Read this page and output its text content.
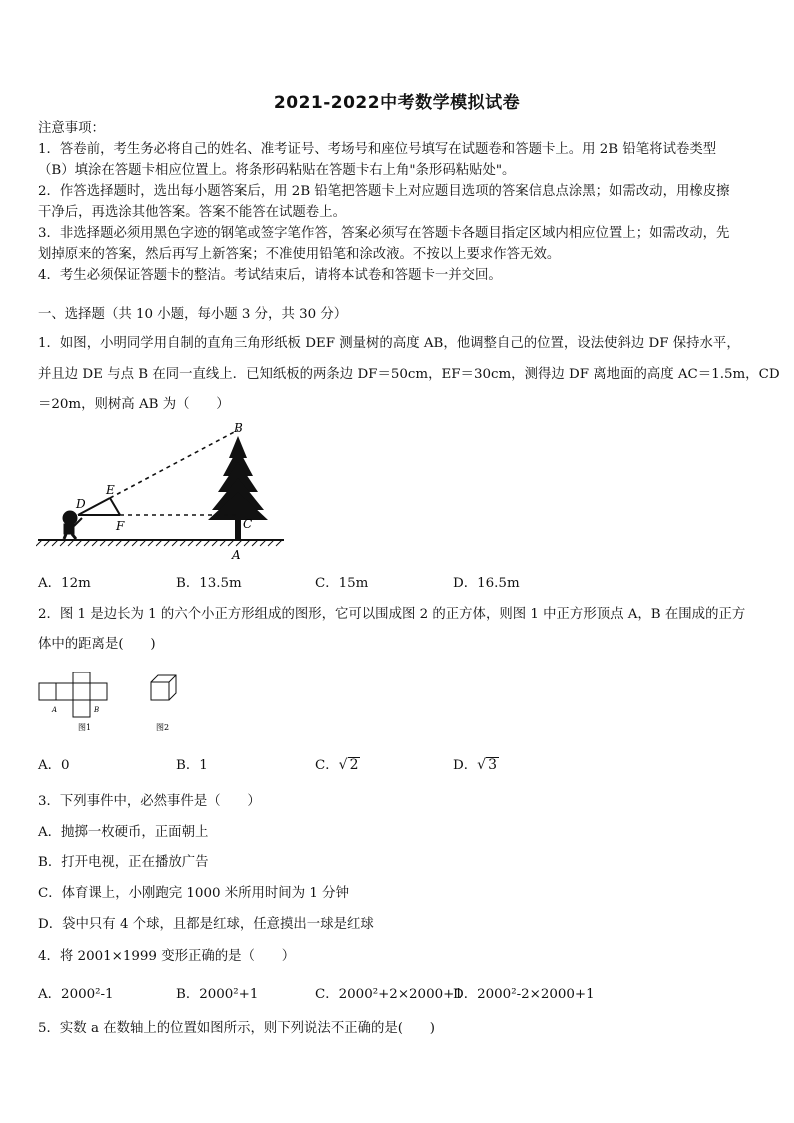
2021-2022中考数学模拟试卷
注意事项：
1．答卷前，考生务必将自己的姓名、准考证号、考场号和座位号填写在试题卷和答题卡上。用 2B 铅笔将试卷类型
（B）填涂在答题卡相应位置上。将条形码粘贴在答题卡右上角"条形码粘贴处"。
2．作答选择题时，选出每小题答案后，用 2B 铅笔把答题卡上对应题目选项的答案信息点涂黑；如需改动，用橡皮擦
干净后，再选涂其他答案。答案不能答在试题卷上。
3．非选择题必须用黑色字迹的钢笔或签字笔作答，答案必须写在答题卡各题目指定区域内相应位置上；如需改动，先
划掉原来的答案，然后再写上新答案；不准使用铅笔和涂改液。不按以上要求作答无效。
4．考生必须保证答题卡的整洁。考试结束后，请将本试卷和答题卡一并交回。
一、选择题（共 10 小题，每小题 3 分，共 30 分）
1．如图，小明同学用自制的直角三角形纸板 DEF 测量树的高度 AB，他调整自己的位置，设法使斜边 DF 保持水平，
并且边 DE 与点 B 在同一直线上．已知纸板的两条边 DF＝50cm，EF＝30cm，测得边 DF 离地面的高度 AC＝1.5m，CD
＝20m，则树高 AB 为（　　）
B
E
D
F	C
A
A．12m	B．13.5m	C．15m	D．16.5m
2．图 1 是边长为 1 的六个小正方形组成的图形，它可以围成图 2 的正方体，则图 1 中正方形顶点 A，B 在围成的正方
体中的距离是(　　)
A	B
图1	图2
A．0	B．1	C．√ 2	D．√ 3
3．下列事件中，必然事件是（　　）
A．抛掷一枚硬币，正面朝上
B．打开电视，正在播放广告
C．体育课上，小刚跑完 1000 米所用时间为 1 分钟
D．袋中只有 4 个球，且都是红球，任意摸出一球是红球
4．将 2001×1999 变形正确的是（　　）
A．2000²-1	B．2000²+1	C．2000²+2×2000+1
D．2000²-2×2000+1
5．实数 a 在数轴上的位置如图所示，则下列说法不正确的是(　　)
